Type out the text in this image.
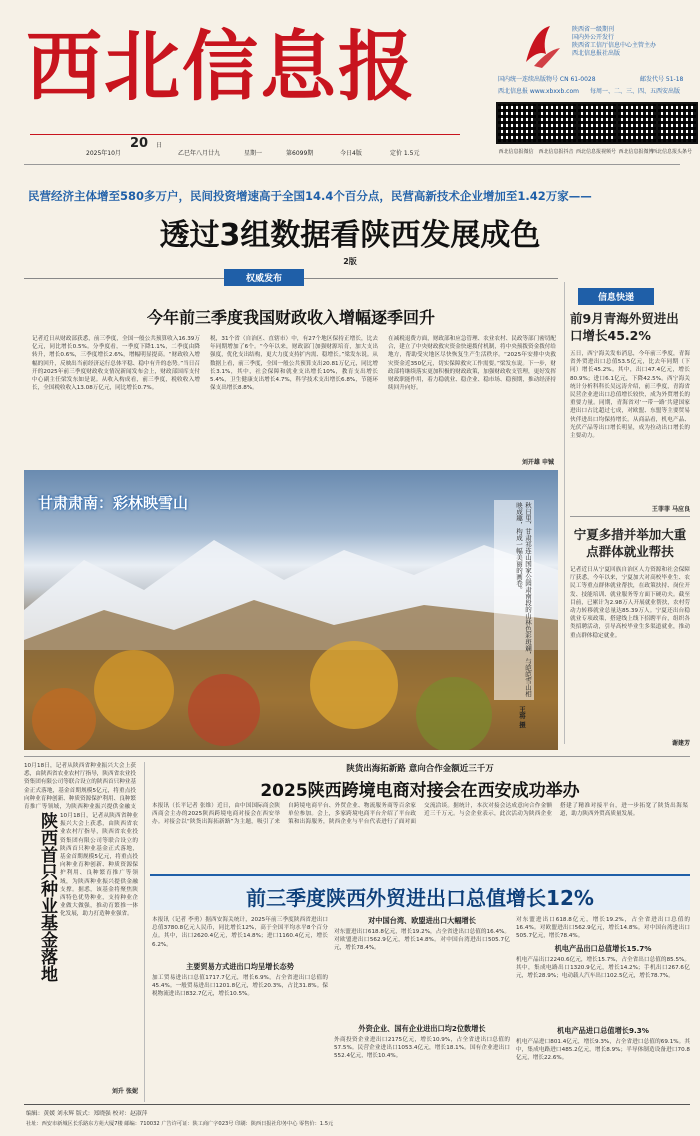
西北信息报
20 日
2025年10月	乙巳年八月廿九	星期一	第6099期	今日4版	定价 1.5元
陕西省一级期刊
国内外公开发行
陕西省工信厅信息中心主管主办
西北信息报社出版
国内统一连续出版物号 CN 61-0028	邮发代号 51-18
西北信息报 www.xbxxb.com 每周一、二、三、四、五西安出版
西北信息报微信 西北信息报抖音 西北信息报视频号 西北信息报微博
西北信息报头条号
民营经济主体增至580多万户，民间投资增速高于全国14.4个百分点，民营高新技术企业增加至1.42万家——
透过3组数据看陕西发展成色
2版
权威发布
今年前三季度我国财政收入增幅逐季回升
记者近日从财政部获悉，前三季度，全国一般公共预算收入16.39万亿元，同比增长0.5%。分季度看，一季度下降1.1%，二季度由降转升，增长0.6%，三季度增长2.6%，增幅明显提高。“财政收入增幅的回升，反映出当前经济运行总体平稳、稳中有升的态势。”当日召开的2025年前三季度财政收支情况新闻发布会上，财政部国库支付中心副主任梁发东如是说。从收入构成看，前三季度，税收收入增长，全国税收收入13.08万亿元，同比增长0.7%。
税，31个省（自治区、直辖市）中，有27个地区保持正增长，比去年同期增加了6个。“今年以来，财政部门加强财源培育，加大支出强度，优化支出结构，更大力度支持扩内需、稳增长。”梁发东说。从数据上看，前三季度，全国一般公共预算支出20.81万亿元，同比增长3.1%，其中，社会保障和就业支出增长10%，教育支出增长5.4%，卫生健康支出增长4.7%，科学技术支出增长6.8%，节能环保支出增长8.8%。
在减税退费方面，财政部和应急管理、农业农村、民政等部门密切配合，建立了中央财政救灾资金快速拨付机制，将中央预拨资金拨付给地方，帮助受灾地区尽快恢复生产生活秩序。“2025年安排中央救灾资金近350亿元，切实保障救灾工作需要。”梁发东说。下一步，财政部将继续落实更加积极的财政政策，加强财政收支管理，更好发挥财政职能作用，着力稳就业、稳企业、稳市场、稳预期，推动经济持续回升向好。
刘开雄 申铖
甘肃肃南：彩林映雪山	秋日里，甘肃祁连山国家公园肃南段的山林色彩斑斓，与皑皑雪山相映成趣，构成一幅美丽的画卷。
王将 摄
信息快递
前9月青海外贸进出口增长45.2%
五日，西宁海关发布消息，今年前三季度，青海省外贸进出口总值53.5亿元，比去年同期（下同）增长45.2%。其中，出口47.4亿元，增长80.9%；进口6.1亿元，下降42.5%。西宁海关统计分析科科长吴远涛介绍，前三季度，青海省民营企业进出口总值增长较快，成为外贸增长的重要力量。同期，青海省对‘一带一路’共建国家进出口占比超过七成，对欧盟、东盟等主要贸易伙伴进出口均保持增长。从商品看，机电产品、光伏产品等出口增长明显，成为拉动出口增长的主要动力。
王菲菲 马应良
宁夏多措并举加大重点群体就业帮扶
记者近日从宁夏回族自治区人力资源和社会保障厅获悉，今年以来，宁夏加大对高校毕业生、农民工等重点群体就业帮扶，在政策扶持、岗位开发、技能培训、就业服务等方面下硬功夫。截至目前，已累计为2.98万人开展就业帮扶，农村劳动力转移就业总量达85.39万人。宁夏还出台稳就业专项政策，搭建线上线下招聘平台，组织各类招聘活动，引导高校毕业生多渠道就业，推动重点群体稳定就业。
谢建芳
10月18日，记者从陕西省种业振兴大会上获悉，由陕西省农业农村厅指导，陕西省农业投资集团有限公司等联合设立的陕西首只种业基金正式落地，基金首期规模5亿元，将重点投向种业育种创新、种质资源保护利用、良种繁育推广等领域，为陕西种业振兴提供金融支
陕西首只种业基金落地 10月18日，记者从陕西省种业振兴大会上获悉，由陕西省农业农村厅指导，陕西省农业投资集团有限公司等联合设立的陕西首只种业基金正式落地，基金首期规模5亿元，将重点投向种业育种创新、种质资源保护利用、良种繁育推广等领域，为陕西种业振兴提供金融支撑。据悉，该基金将聚焦陕西特色优势种业，支持种业企业做大做强，推动育繁推一体化发展，助力打造种业强省。
刘升 张妮
陕货出海拓新路 意向合作金额近三千万
2025陕西跨境电商对接会在西安成功举办
本报讯（长平记者 张维）近日，由中国国际商会陕西商会主办的2025陕西跨境电商对接会在西安举办。对接会以“陕货出海拓新路”为主题，吸引了来自跨境电商平台、外贸企业、物流服务商等百余家单位参加。会上，多家跨境电商平台介绍了平台政策和出海服务，陕西企业与平台代表进行了面对面交流洽谈。据统计，本次对接会达成意向合作金额近三千万元。与会企业表示，此次活动为陕西企业搭建了精准对接平台，进一步拓宽了陕货出海渠道，助力陕西外贸高质量发展。
前三季度陕西外贸进出口总值增长12%
本报讯（记者 李勇）据西安海关统计，2025年前三季度陕西省进出口总值3780.8亿元人民币，同比增长12%，高于全国平均水平8个百分点。其中，出口2620.4亿元，增长14.8%；进口1160.4亿元，增长6.2%。
主要贸易方式进出口均呈增长态势
加工贸易进出口总值1717.7亿元，增长6.9%，占全省进出口总值的45.4%。一般贸易进出口1201.8亿元，增长20.3%，占比31.8%。保税物流进出口832.7亿元，增长10.5%。
对中国台湾、欧盟进出口大幅增长
对东盟进出口618.8亿元，增长19.2%，占全省进出口总值的16.4%。对欧盟进出口562.9亿元，增长14.8%。对中国台湾进出口505.7亿元，增长78.4%。
外资企业、国有企业进出口均2位数增长
外商投资企业进出口2175亿元，增长10.9%，占全省进出口总值的57.5%。民营企业进出口1053.4亿元，增长18.1%。国有企业进出口552.4亿元，增长10.4%。
对东盟进出口618.8亿元，增长19.2%，占全省进出口总值的16.4%。对欧盟进出口562.9亿元，增长14.8%。对中国台湾进出口505.7亿元，增长78.4%。
机电产品出口总值增长15.7%
机电产品出口2240.6亿元，增长15.7%，占全省出口总值的85.5%。其中，集成电路出口1320.9亿元，增长14.2%；手机出口267.6亿元，增长28.9%；电动载人汽车出口102.5亿元，增长78.7%。
机电产品进口总值增长9.3%
机电产品进口801.4亿元，增长9.3%，占全省进口总值的69.1%。其中，集成电路进口485.2亿元，增长8.9%；半导体制造设备进口70.8亿元，增长22.6%。
编辑：黄媛 刘永辉 版式：郑晓强 校对：赵淑萍
社址：西安市新城区长乐路东方苑大厦7楼 邮编：710032 广告许可证：陕工商广字023号 印刷：陕西日报社印务中心 零售价：1.5元
